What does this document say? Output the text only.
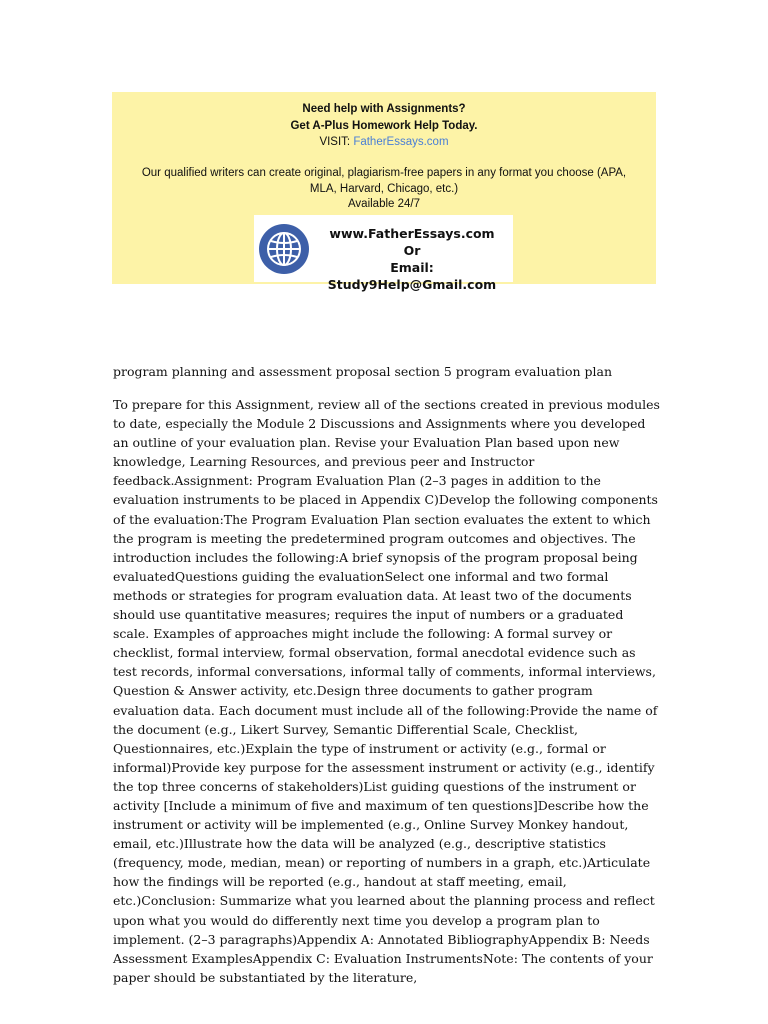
Need help with Assignments?
Get A-Plus Homework Help Today.
VISIT: FatherEssays.com
Our qualified writers can create original, plagiarism-free papers in any format you choose (APA, MLA, Harvard, Chicago, etc.)
Available 24/7
www.FatherEssays.com
Or
Email: Study9Help@Gmail.com
program planning and assessment proposal section 5 program evaluation plan
To prepare for this Assignment, review all of the sections created in previous modules to date, especially the Module 2 Discussions and Assignments where you developed an outline of your evaluation plan. Revise your Evaluation Plan based upon new knowledge, Learning Resources, and previous peer and Instructor feedback.Assignment: Program Evaluation Plan (2–3 pages in addition to the evaluation instruments to be placed in Appendix C)Develop the following components of the evaluation:The Program Evaluation Plan section evaluates the extent to which the program is meeting the predetermined program outcomes and objectives. The introduction includes the following:A brief synopsis of the program proposal being evaluatedQuestions guiding the evaluationSelect one informal and two formal methods or strategies for program evaluation data. At least two of the documents should use quantitative measures; requires the input of numbers or a graduated scale. Examples of approaches might include the following: A formal survey or checklist, formal interview, formal observation, formal anecdotal evidence such as test records, informal conversations, informal tally of comments, informal interviews, Question & Answer activity, etc.Design three documents to gather program evaluation data. Each document must include all of the following:Provide the name of the document (e.g., Likert Survey, Semantic Differential Scale, Checklist, Questionnaires, etc.)Explain the type of instrument or activity (e.g., formal or informal)Provide key purpose for the assessment instrument or activity (e.g., identify the top three concerns of stakeholders)List guiding questions of the instrument or activity [Include a minimum of five and maximum of ten questions]Describe how the instrument or activity will be implemented (e.g., Online Survey Monkey handout, email, etc.)Illustrate how the data will be analyzed (e.g., descriptive statistics (frequency, mode, median, mean) or reporting of numbers in a graph, etc.)Articulate how the findings will be reported (e.g., handout at staff meeting, email, etc.)Conclusion: Summarize what you learned about the planning process and reflect upon what you would do differently next time you develop a program plan to implement. (2–3 paragraphs)Appendix A: Annotated BibliographyAppendix B: Needs Assessment ExamplesAppendix C: Evaluation InstrumentsNote: The contents of your paper should be substantiated by the literature,
